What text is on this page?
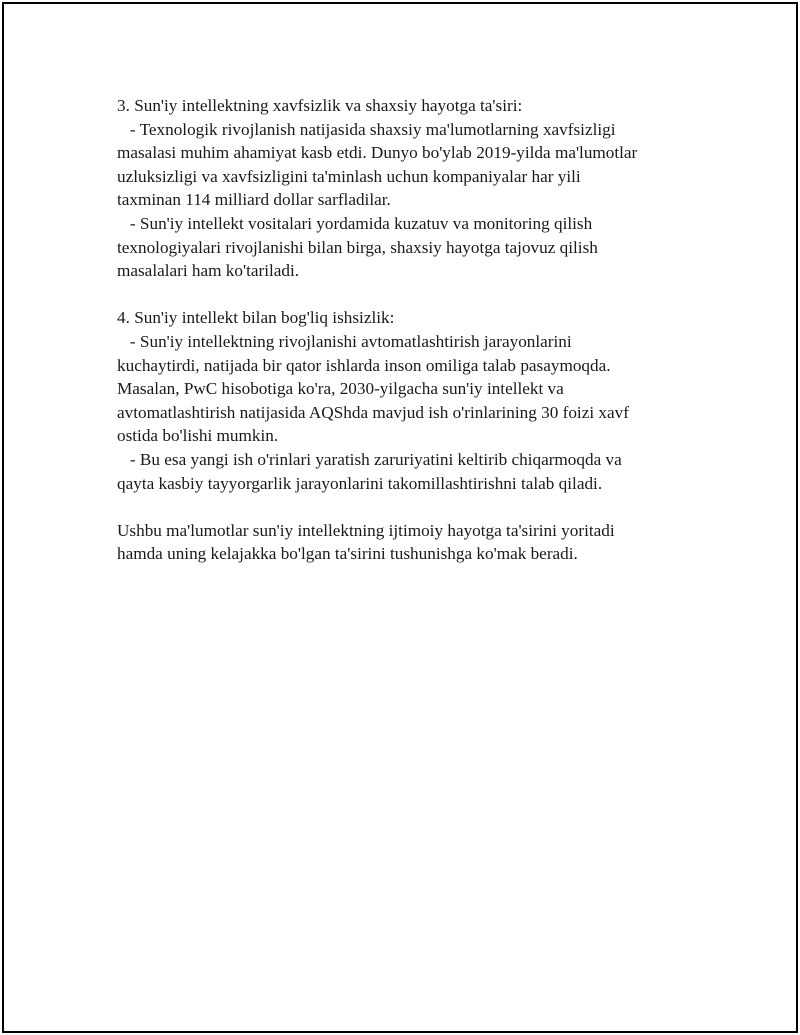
3. Sun'iy intellektning xavfsizlik va shaxsiy hayotga ta'siri:
- Texnologik rivojlanish natijasida shaxsiy ma'lumotlarning xavfsizligi
masalasi muhim ahamiyat kasb etdi. Dunyo bo'ylab 2019-yilda ma'lumotlar
uzluksizligi va xavfsizligini ta'minlash uchun kompaniyalar har yili
taxminan 114 milliard dollar sarfladilar.
- Sun'iy intellekt vositalari yordamida kuzatuv va monitoring qilish
texnologiyalari rivojlanishi bilan birga, shaxsiy hayotga tajovuz qilish
masalalari ham ko'tariladi.
4. Sun'iy intellekt bilan bog'liq ishsizlik:
- Sun'iy intellektning rivojlanishi avtomatlashtirish jarayonlarini
kuchaytirdi, natijada bir qator ishlarda inson omiliga talab pasaymoqda.
Masalan, PwC hisobotiga ko'ra, 2030-yilgacha sun'iy intellekt va
avtomatlashtirish natijasida AQShda mavjud ish o'rinlarining 30 foizi xavf
ostida bo'lishi mumkin.
- Bu esa yangi ish o'rinlari yaratish zaruriyatini keltirib chiqarmoqda va
qayta kasbiy tayyorgarlik jarayonlarini takomillashtirishni talab qiladi.
Ushbu ma'lumotlar sun'iy intellektning ijtimoiy hayotga ta'sirini yoritadi
hamda uning kelajakka bo'lgan ta'sirini tushunishga ko'mak beradi.
